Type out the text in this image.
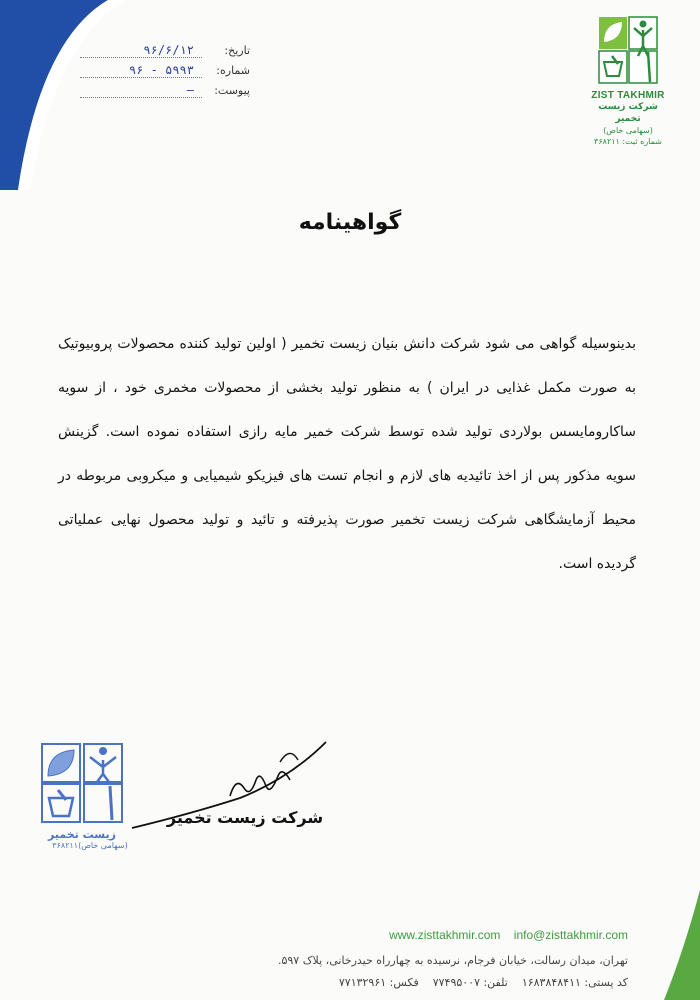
تاریخ:
۹۶/۶/۱۲
شماره:
۹۶ - ۵۹۹۳
پیوست:
—	ZIST TAKHMIR
شرکت زیست تخمیر
(سهامی خاص)
شماره ثبت: ۳۶۸۲۱۱
گواهینامه

بدینوسیله گواهی می شود شرکت دانش بنیان زیست تخمیر ( اولین تولید کننده محصولات پروبیوتیک به صورت مکمل غذایی در ایران ) به منظور تولید بخشی از محصولات مخمری خود ، از سویه ساکارومایسس بولاردی تولید شده توسط شرکت خمیر مایه رازی استفاده نموده است. گزینش سویه مذکور پس از اخذ تائیدیه های لازم و انجام تست های فیزیکو شیمیایی و میکروبی مربوطه در محیط آزمایشگاهی شرکت زیست تخمیر صورت پذیرفته و تائید و تولید محصول نهایی عملیاتی گردیده است.

زیست تخمیر
(سهامی خاص)۳۶۸۲۱۱
شرکت زیست تخمیر
www.zisttakhmir.com info@zisttakhmir.com
تهران، میدان رسالت، خیابان فرجام، نرسیده به چهارراه حیدرخانی، پلاک ۵۹۷.
کد پستی: ۱۶۸۳۸۴۸۴۱۱
تلفن: ۷۷۴۹۵۰۰۷
فکس: ۷۷۱۳۲۹۶۱
